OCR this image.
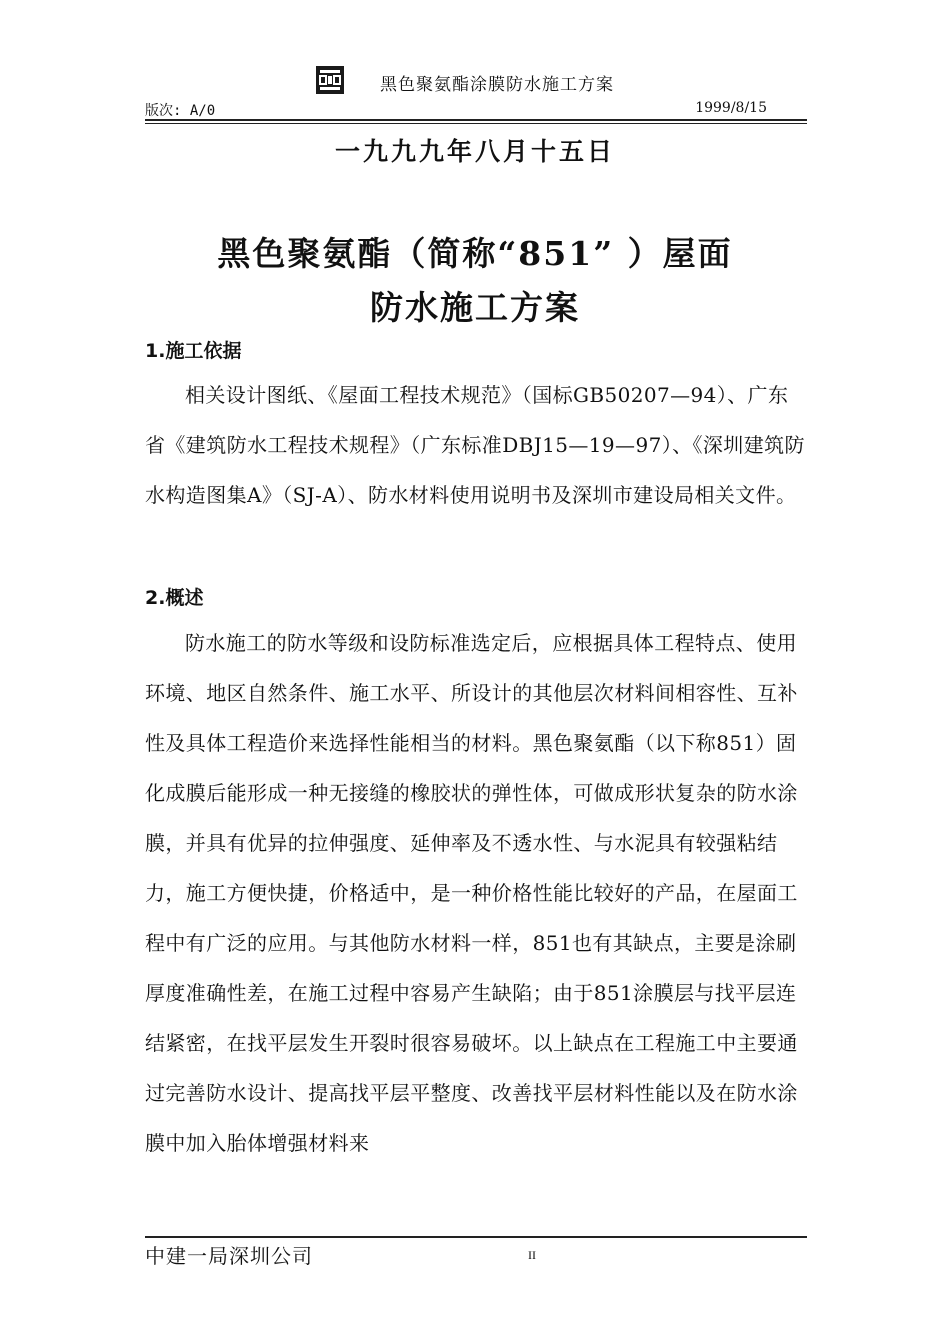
黑色聚氨酯涂膜防水施工方案
版次: A/0	1999/8/15
一九九九年八月十五日
黑色聚氨酯（简称“851” ）屋面
防水施工方案
1.施工依据

相关设计图纸、《屋面工程技术规范》（国标GB50207—94）、广东省《建筑防水工程技术规程》（广东标准DBJ15—19—97）、《深圳建筑防水构造图集A》（SJ-A）、防水材料使用说明书及深圳市建设局相关文件。

2.概述

防水施工的防水等级和设防标准选定后，应根据具体工程特点、使用环境、地区自然条件、施工水平、所设计的其他层次材料间相容性、互补性及具体工程造价来选择性能相当的材料。黑色聚氨酯（以下称851）固化成膜后能形成一种无接缝的橡胶状的弹性体，可做成形状复杂的防水涂膜，并具有优异的拉伸强度、延伸率及不透水性、与水泥具有较强粘结力，施工方便快捷，价格适中，是一种价格性能比较好的产品，在屋面工程中有广泛的应用。与其他防水材料一样，851也有其缺点，主要是涂刷厚度准确性差，在施工过程中容易产生缺陷；由于851涂膜层与找平层连结紧密，在找平层发生开裂时很容易破坏。以上缺点在工程施工中主要通过完善防水设计、提高找平层平整度、改善找平层材料性能以及在防水涂膜中加入胎体增强材料来

中建一局深圳公司	II
